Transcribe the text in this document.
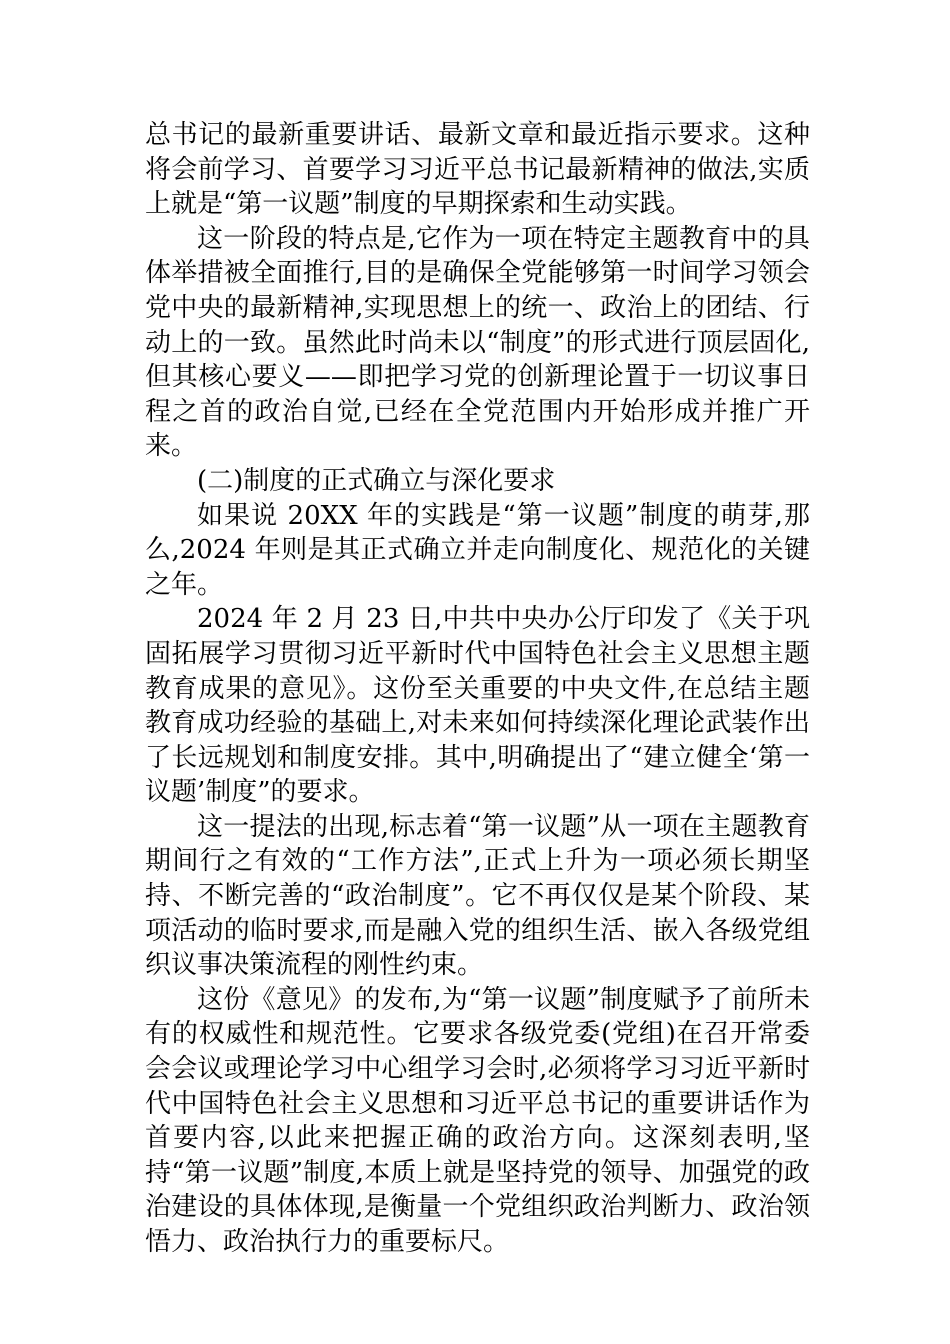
总书记的最新重要讲话、最新文章和最近指示要求。这种将会前学习、首要学习习近平总书记最新精神的做法,实质上就是“第一议题”制度的早期探索和生动实践。

这一阶段的特点是,它作为一项在特定主题教育中的具体举措被全面推行,目的是确保全党能够第一时间学习领会党中央的最新精神,实现思想上的统一、政治上的团结、行动上的一致。虽然此时尚未以“制度”的形式进行顶层固化,但其核心要义——即把学习党的创新理论置于一切议事日程之首的政治自觉,已经在全党范围内开始形成并推广开来。

(二)制度的正式确立与深化要求

如果说 20XX 年的实践是“第一议题”制度的萌芽,那么,2024 年则是其正式确立并走向制度化、规范化的关键之年。

2024 年 2 月 23 日,中共中央办公厅印发了《关于巩固拓展学习贯彻习近平新时代中国特色社会主义思想主题教育成果的意见》。这份至关重要的中央文件,在总结主题教育成功经验的基础上,对未来如何持续深化理论武装作出了长远规划和制度安排。其中,明确提出了“建立健全‘第一议题’制度”的要求。

这一提法的出现,标志着“第一议题”从一项在主题教育期间行之有效的“工作方法”,正式上升为一项必须长期坚持、不断完善的“政治制度”。它不再仅仅是某个阶段、某项活动的临时要求,而是融入党的组织生活、嵌入各级党组织议事决策流程的刚性约束。

这份《意见》的发布,为“第一议题”制度赋予了前所未有的权威性和规范性。它要求各级党委(党组)在召开常委会会议或理论学习中心组学习会时,必须将学习习近平新时代中国特色社会主义思想和习近平总书记的重要讲话作为首要内容,以此来把握正确的政治方向。这深刻表明,坚持“第一议题”制度,本质上就是坚持党的领导、加强党的政治建设的具体体现,是衡量一个党组织政治判断力、政治领悟力、政治执行力的重要标尺。
